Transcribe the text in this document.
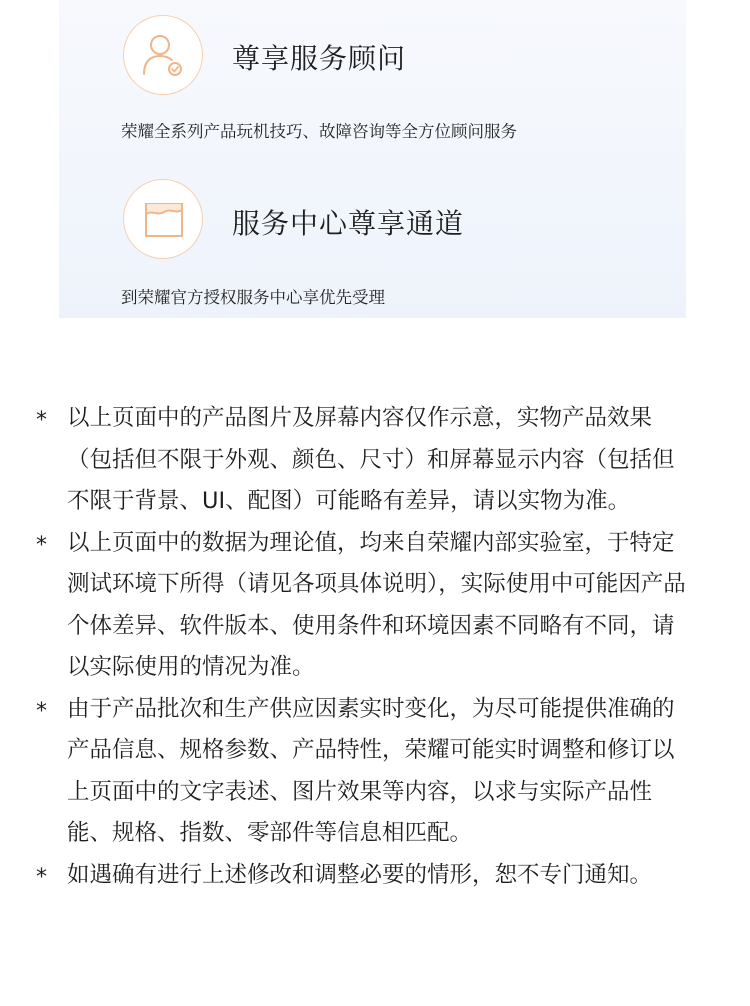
尊享服务顾问
荣耀全系列产品玩机技巧、故障咨询等全方位顾问服务
服务中心尊享通道
到荣耀官方授权服务中心享优先受理
* 以上页面中的产品图片及屏幕内容仅作示意，实物产品效果（包括但不限于外观、颜色、尺寸）和屏幕显示内容（包括但不限于背景、UI、配图）可能略有差异，请以实物为准。
* 以上页面中的数据为理论值，均来自荣耀内部实验室，于特定测试环境下所得（请见各项具体说明），实际使用中可能因产品个体差异、软件版本、使用条件和环境因素不同略有不同，请以实际使用的情况为准。
* 由于产品批次和生产供应因素实时变化，为尽可能提供准确的产品信息、规格参数、产品特性，荣耀可能实时调整和修订以上页面中的文字表述、图片效果等内容，以求与实际产品性能、规格、指数、零部件等信息相匹配。
* 如遇确有进行上述修改和调整必要的情形，恕不专门通知。
